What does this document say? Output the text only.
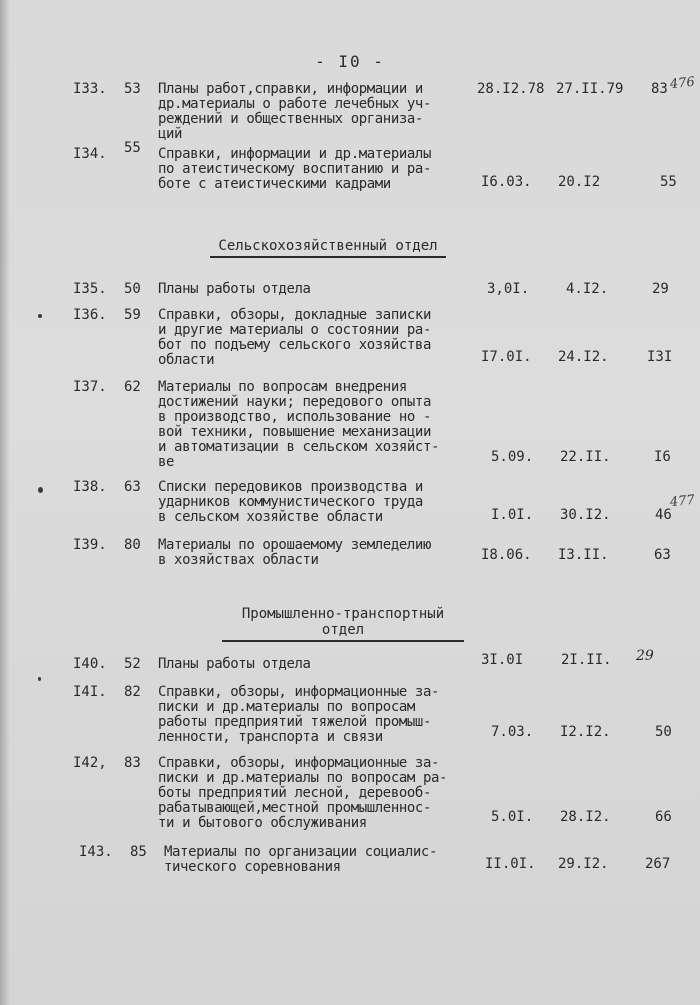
- I0 -
I33.	53	Планы работ,справки, информации и
др.материалы о работе лечебных уч-
реждений и общественных организа-
ций
28.I2.78 27.II.79 83 476
I34.	55	Справки, информации и др.материалы
по атеистическому воспитанию и ра-
боте с атеистическими кадрами	I6.03. 20.I2	55
Сельскохозяйственный отдел
I35.	50	Планы работы отдела	3,0I.	4.I2.	29
I36.	59	Справки, обзоры, докладные записки
и другие материалы о состоянии ра-
бот по подъему сельского хозяйства
области	I7.0I. 24.I2.	I3I
I37.	62	Материалы по вопросам внедрения
достижений науки; передового опыта
в производство, использование но -
вой техники, повышение механизации
и автоматизации в сельском хозяйст-
ве	5.09. 22.II.	I6
I38.	63	Списки передовиков производства и
ударников коммунистического труда
в сельском хозяйстве области	I.0I. 30.I2.	46
477
I39.	80	Материалы по орошаемому земледелию
в хозяйствах области	I8.06. I3.II.	63
Промышленно-транспортный
отдел
I40.	52	Планы работы отдела	3I.0I	2I.II. 29
I4I.	82	Справки, обзоры, информационные за-
писки и др.материалы по вопросам
работы предприятий тяжелой промыш-
ленности, транспорта и связи	7.03. I2.I2.	50
I42,	83	Справки, обзоры, информационные за-
писки и др.материалы по вопросам ра-
боты предприятий лесной, деревооб-
рабатывающей,местной промышленнос-
ти и бытового обслуживания	5.0I. 28.I2.	66
I43.	85	Материалы по организации социалис-
тического соревнования	II.0I. 29.I2.	267
